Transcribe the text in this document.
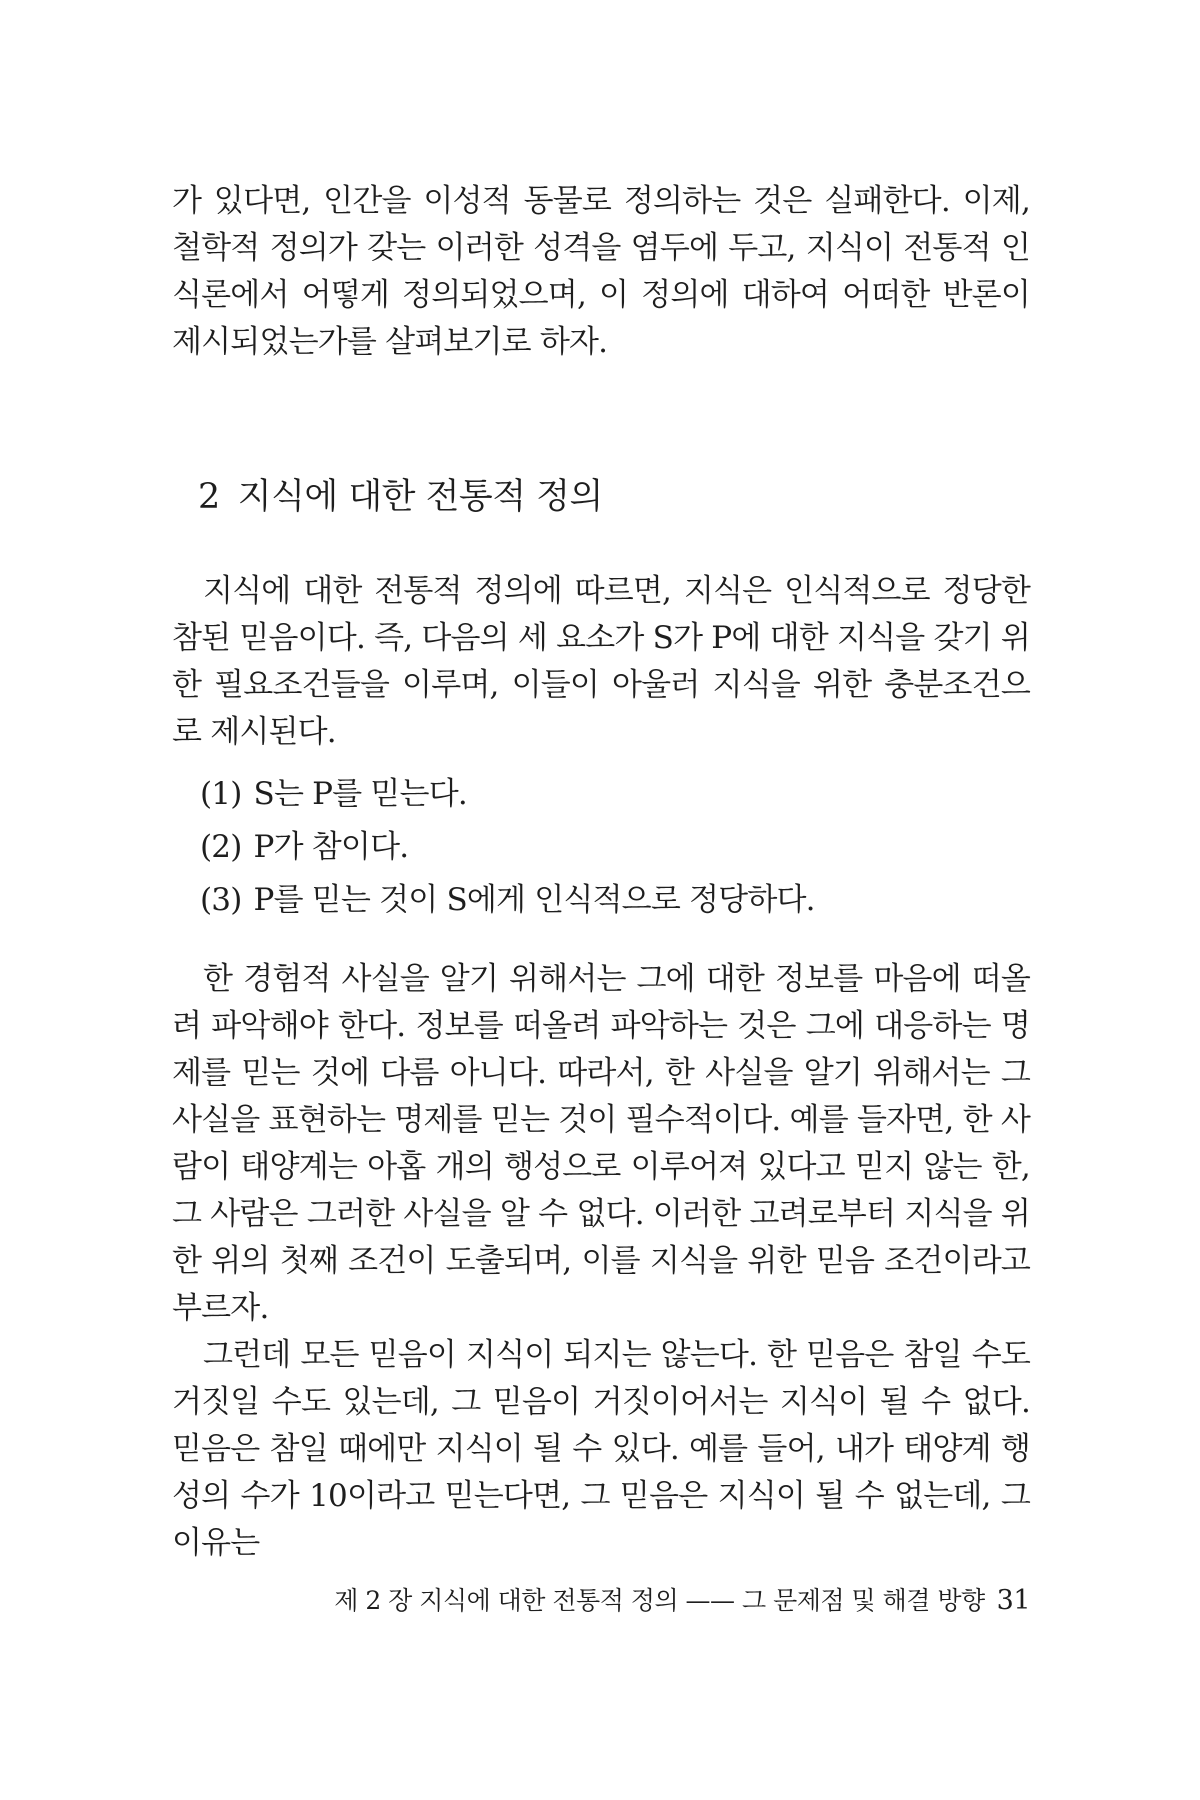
가 있다면, 인간을 이성적 동물로 정의하는 것은 실패한다. 이제, 철학적 정의가 갖는 이러한 성격을 염두에 두고, 지식이 전통적 인식론에서 어떻게 정의되었으며, 이 정의에 대하여 어떠한 반론이 제시되었는가를 살펴보기로 하자.

2 지식에 대한 전통적 정의

지식에 대한 전통적 정의에 따르면, 지식은 인식적으로 정당한 참된 믿음이다. 즉, 다음의 세 요소가 S가 P에 대한 지식을 갖기 위한 필요조건들을 이루며, 이들이 아울러 지식을 위한 충분조건으로 제시된다.

(1) S는 P를 믿는다.
(2) P가 참이다.
(3) P를 믿는 것이 S에게 인식적으로 정당하다.

한 경험적 사실을 알기 위해서는 그에 대한 정보를 마음에 떠올려 파악해야 한다. 정보를 떠올려 파악하는 것은 그에 대응하는 명제를 믿는 것에 다름 아니다. 따라서, 한 사실을 알기 위해서는 그 사실을 표현하는 명제를 믿는 것이 필수적이다. 예를 들자면, 한 사람이 태양계는 아홉 개의 행성으로 이루어져 있다고 믿지 않는 한, 그 사람은 그러한 사실을 알 수 없다. 이러한 고려로부터 지식을 위한 위의 첫째 조건이 도출되며, 이를 지식을 위한 믿음 조건이라고 부르자.

그런데 모든 믿음이 지식이 되지는 않는다. 한 믿음은 참일 수도 거짓일 수도 있는데, 그 믿음이 거짓이어서는 지식이 될 수 없다. 믿음은 참일 때에만 지식이 될 수 있다. 예를 들어, 내가 태양계 행성의 수가 10이라고 믿는다면, 그 믿음은 지식이 될 수 없는데, 그 이유는

제 2 장 지식에 대한 전통적 정의 —— 그 문제점 및 해결 방향 31
